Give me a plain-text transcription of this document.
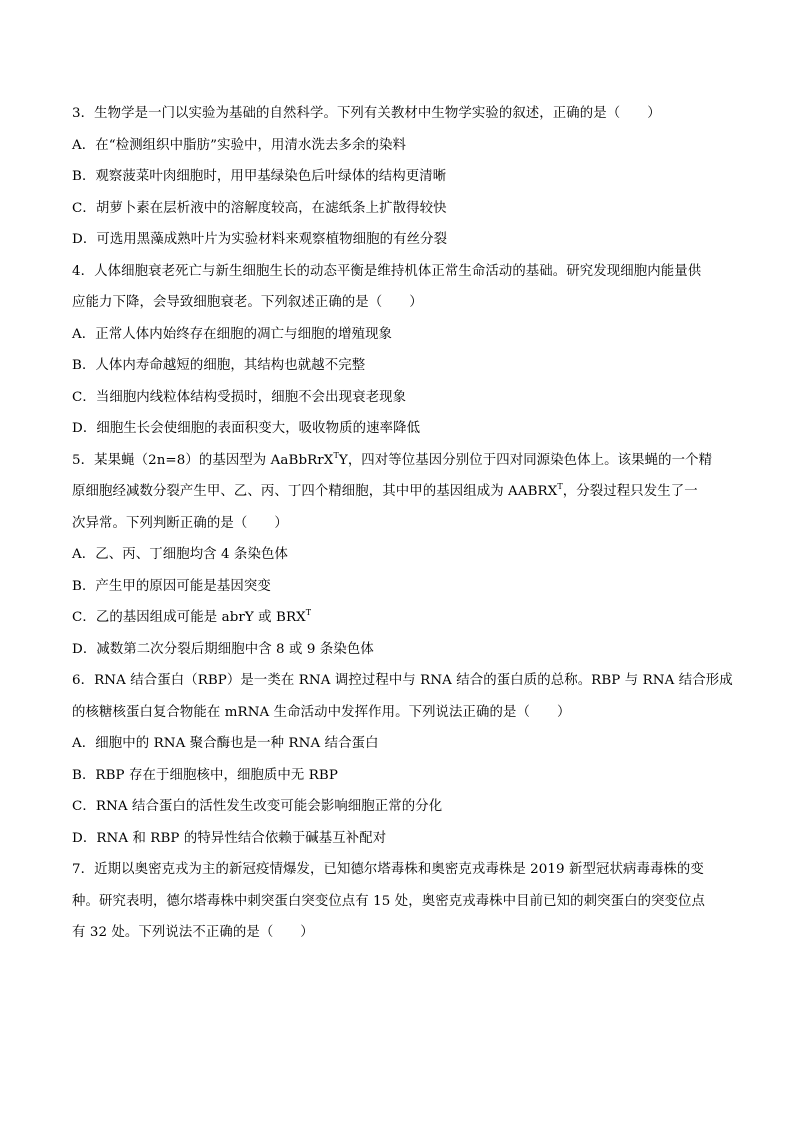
3．生物学是一门以实验为基础的自然科学。下列有关教材中生物学实验的叙述，正确的是（　　）
A．在“检测组织中脂肪”实验中，用清水洗去多余的染料
B．观察菠菜叶肉细胞时，用甲基绿染色后叶绿体的结构更清晰
C．胡萝卜素在层析液中的溶解度较高，在滤纸条上扩散得较快
D．可选用黑藻成熟叶片为实验材料来观察植物细胞的有丝分裂
4．人体细胞衰老死亡与新生细胞生长的动态平衡是维持机体正常生命活动的基础。研究发现细胞内能量供
应能力下降，会导致细胞衰老。下列叙述正确的是（　　）
A．正常人体内始终存在细胞的凋亡与细胞的增殖现象
B．人体内寿命越短的细胞，其结构也就越不完整
C．当细胞内线粒体结构受损时，细胞不会出现衰老现象
D．细胞生长会使细胞的表面积变大，吸收物质的速率降低
5．某果蝇（2n=8）的基因型为 AaBbRrX$^T$Y，四对等位基因分别位于四对同源染色体上。该果蝇的一个精
原细胞经减数分裂产生甲、乙、丙、丁四个精细胞，其中甲的基因组成为 $AABRX^T$，分裂过程只发生了一
次异常。下列判断正确的是（　　）
A．乙、丙、丁细胞均含 4 条染色体
B．产生甲的原因可能是基因突变
C．乙的基因组成可能是 abrY 或 $BRX^T$
D．减数第二次分裂后期细胞中含 8 或 9 条染色体
6．RNA 结合蛋白（RBP）是一类在 RNA 调控过程中与 RNA 结合的蛋白质的总称。RBP 与 RNA 结合形成
的核糖核蛋白复合物能在 mRNA 生命活动中发挥作用。下列说法正确的是（　　）
A．细胞中的 RNA 聚合酶也是一种 RNA 结合蛋白
B．RBP 存在于细胞核中，细胞质中无 RBP
C．RNA 结合蛋白的活性发生改变可能会影响细胞正常的分化
D．RNA 和 RBP 的特异性结合依赖于碱基互补配对
7．近期以奥密克戎为主的新冠疫情爆发，已知德尔塔毒株和奥密克戎毒株是 2019 新型冠状病毒毒株的变
种。研究表明，德尔塔毒株中刺突蛋白突变位点有 15 处，奥密克戎毒株中目前已知的刺突蛋白的突变位点
有 32 处。下列说法不正确的是（　　）
